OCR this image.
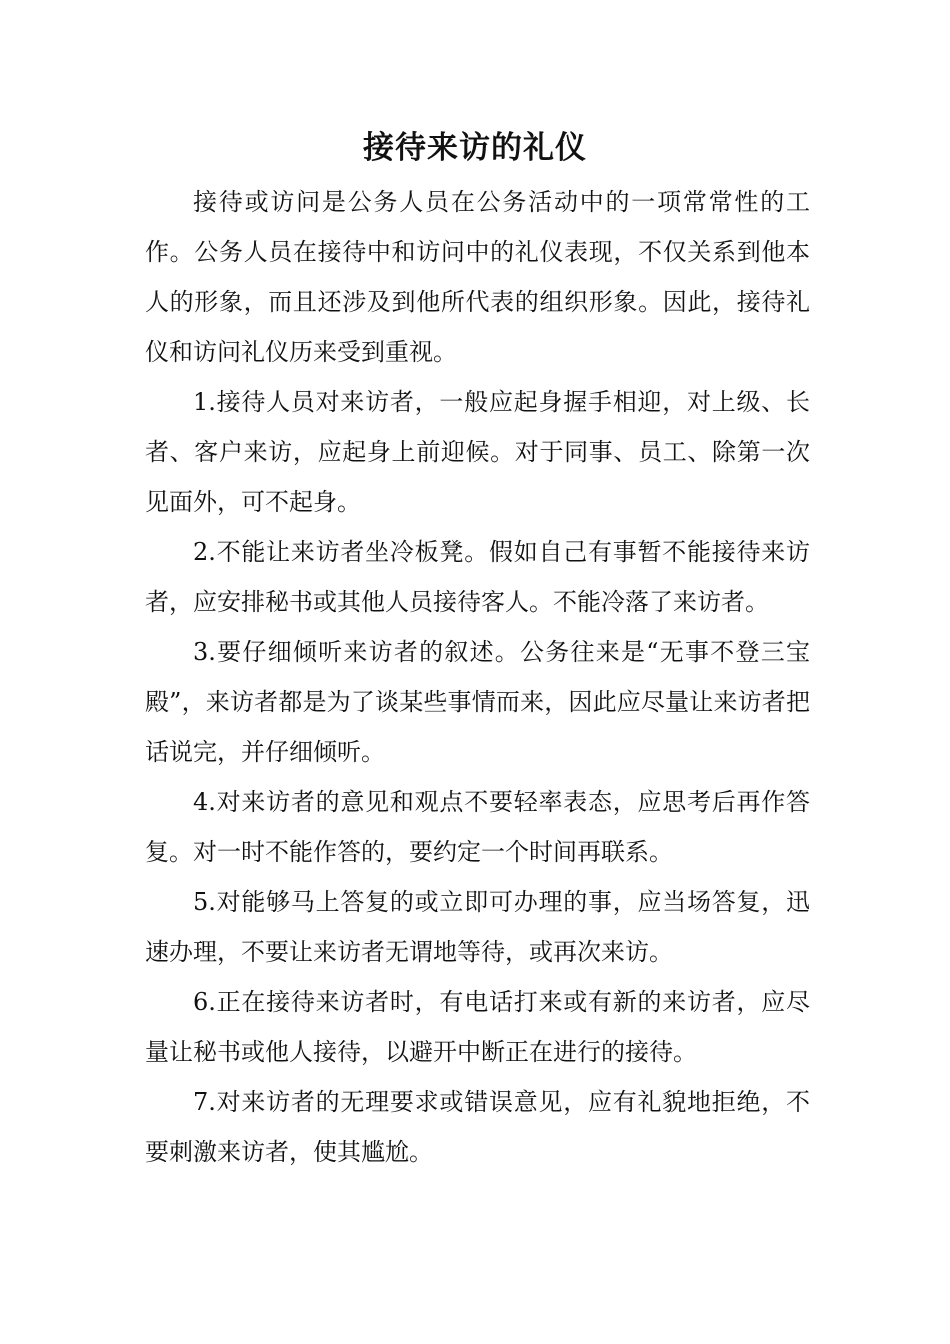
接待来访的礼仪

接待或访问是公务人员在公务活动中的一项常常性的工作。公务人员在接待中和访问中的礼仪表现，不仅关系到他本人的形象，而且还涉及到他所代表的组织形象。因此，接待礼仪和访问礼仪历来受到重视。

1.接待人员对来访者，一般应起身握手相迎，对上级、长者、客户来访，应起身上前迎候。对于同事、员工、除第一次见面外，可不起身。

2.不能让来访者坐冷板凳。假如自己有事暂不能接待来访者，应安排秘书或其他人员接待客人。不能冷落了来访者。

3.要仔细倾听来访者的叙述。公务往来是“无事不登三宝殿”，来访者都是为了谈某些事情而来，因此应尽量让来访者把话说完，并仔细倾听。

4.对来访者的意见和观点不要轻率表态，应思考后再作答复。对一时不能作答的，要约定一个时间再联系。

5.对能够马上答复的或立即可办理的事，应当场答复，迅速办理，不要让来访者无谓地等待，或再次来访。

6.正在接待来访者时，有电话打来或有新的来访者，应尽量让秘书或他人接待，以避开中断正在进行的接待。

7.对来访者的无理要求或错误意见，应有礼貌地拒绝，不要刺激来访者，使其尴尬。
